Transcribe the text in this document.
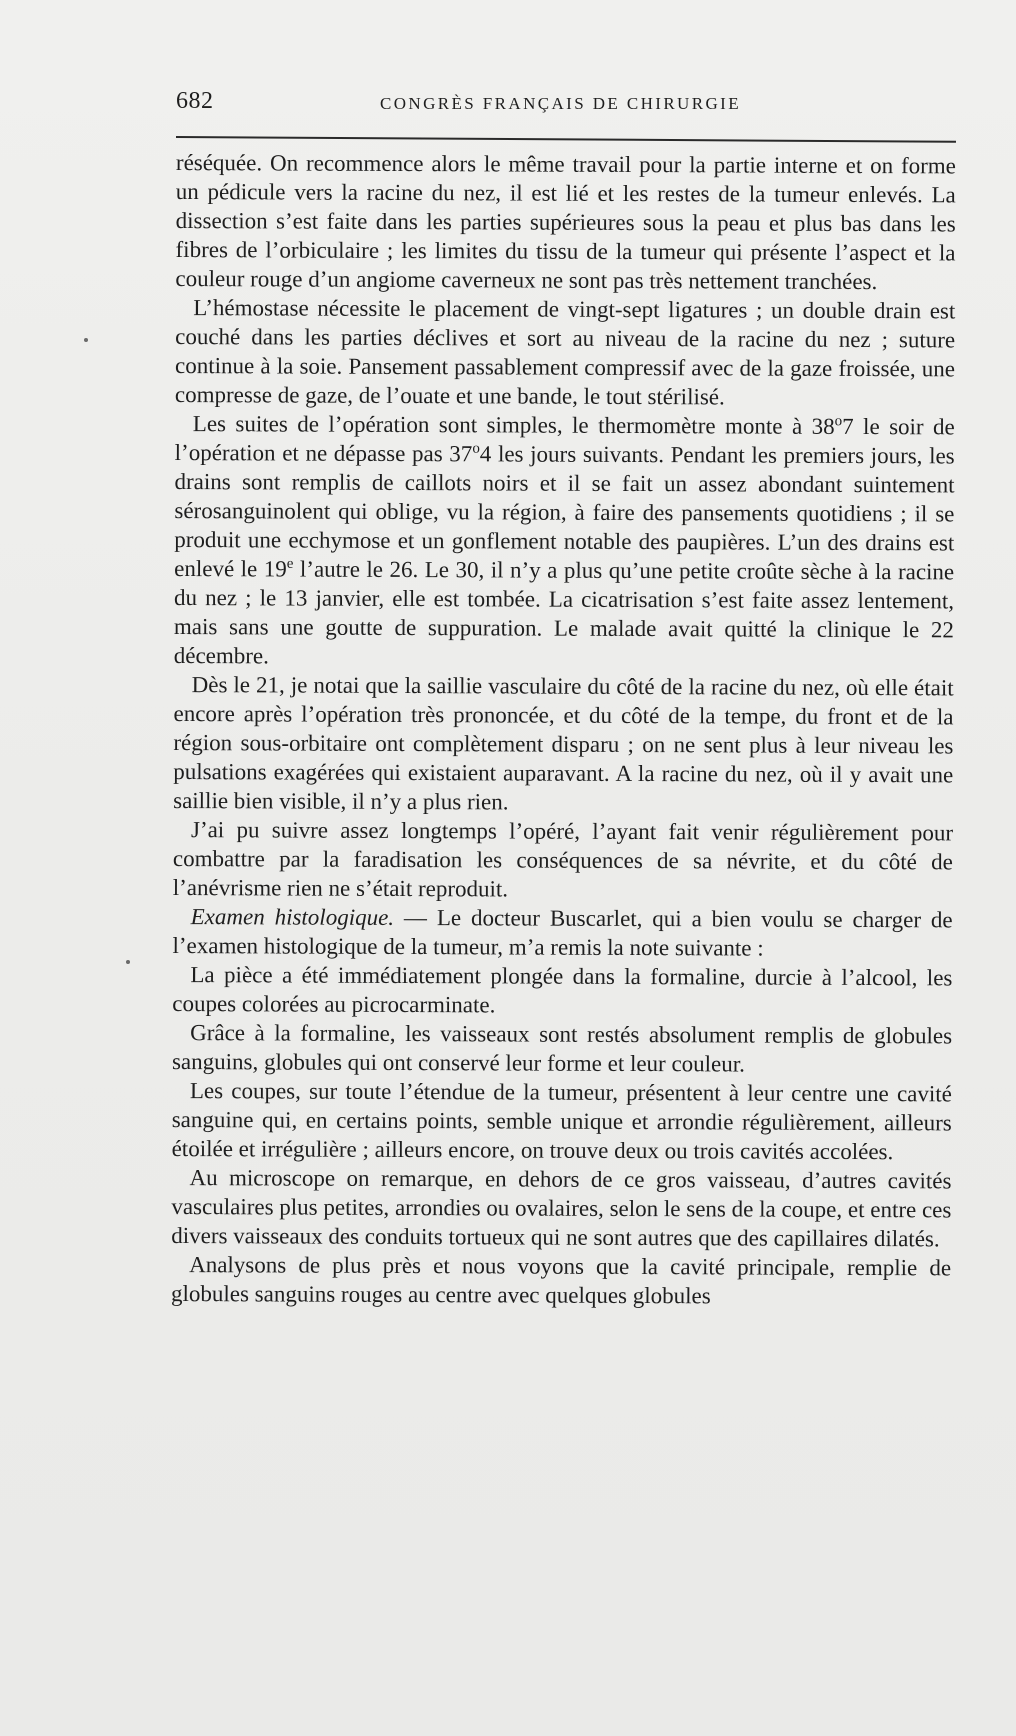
682	CONGRÈS FRANÇAIS DE CHIRURGIE

réséquée. On recommence alors le même travail pour la partie interne et on forme un pédicule vers la racine du nez, il est lié et les restes de la tumeur enlevés. La dissection s’est faite dans les parties supérieures sous la peau et plus bas dans les fibres de l’orbiculaire ; les limites du tissu de la tumeur qui présente l’aspect et la couleur rouge d’un angiome caverneux ne sont pas très nettement tranchées.

L’hémostase nécessite le placement de vingt-sept ligatures ; un double drain est couché dans les parties déclives et sort au niveau de la racine du nez ; suture continue à la soie. Pansement passablement compressif avec de la gaze froissée, une compresse de gaze, de l’ouate et une bande, le tout stérilisé.

Les suites de l’opération sont simples, le thermomètre monte à 38$^o$7 le soir de l’opération et ne dépasse pas 37$^o$4 les jours suivants. Pendant les premiers jours, les drains sont remplis de caillots noirs et il se fait un assez abondant suintement sérosanguinolent qui oblige, vu la région, à faire des pansements quotidiens ; il se produit une ecchymose et un gonflement notable des paupières. L’un des drains est enlevé le 19e l’autre le 26. Le 30, il n’y a plus qu’une petite croûte sèche à la racine du nez ; le 13 janvier, elle est tombée. La cicatrisation s’est faite assez lentement, mais sans une goutte de suppuration. Le malade avait quitté la clinique le 22 décembre.

Dès le 21, je notai que la saillie vasculaire du côté de la racine du nez, où elle était encore après l’opération très prononcée, et du côté de la tempe, du front et de la région sous-orbitaire ont complètement disparu ; on ne sent plus à leur niveau les pulsations exagérées qui existaient auparavant. A la racine du nez, où il y avait une saillie bien visible, il n’y a plus rien.

J’ai pu suivre assez longtemps l’opéré, l’ayant fait venir régulièrement pour combattre par la faradisation les conséquences de sa névrite, et du côté de l’anévrisme rien ne s’était reproduit.

Examen histologique. — Le docteur Buscarlet, qui a bien voulu se charger de l’examen histologique de la tumeur, m’a remis la note suivante :

La pièce a été immédiatement plongée dans la formaline, durcie à l’alcool, les coupes colorées au picrocarminate.

Grâce à la formaline, les vaisseaux sont restés absolument remplis de globules sanguins, globules qui ont conservé leur forme et leur couleur.

Les coupes, sur toute l’étendue de la tumeur, présentent à leur centre une cavité sanguine qui, en certains points, semble unique et arrondie régulièrement, ailleurs étoilée et irrégulière ; ailleurs encore, on trouve deux ou trois cavités accolées.

Au microscope on remarque, en dehors de ce gros vaisseau, d’autres cavités vasculaires plus petites, arrondies ou ovalaires, selon le sens de la coupe, et entre ces divers vaisseaux des conduits tortueux qui ne sont autres que des capillaires dilatés.

Analysons de plus près et nous voyons que la cavité principale, remplie de globules sanguins rouges au centre avec quelques globules
